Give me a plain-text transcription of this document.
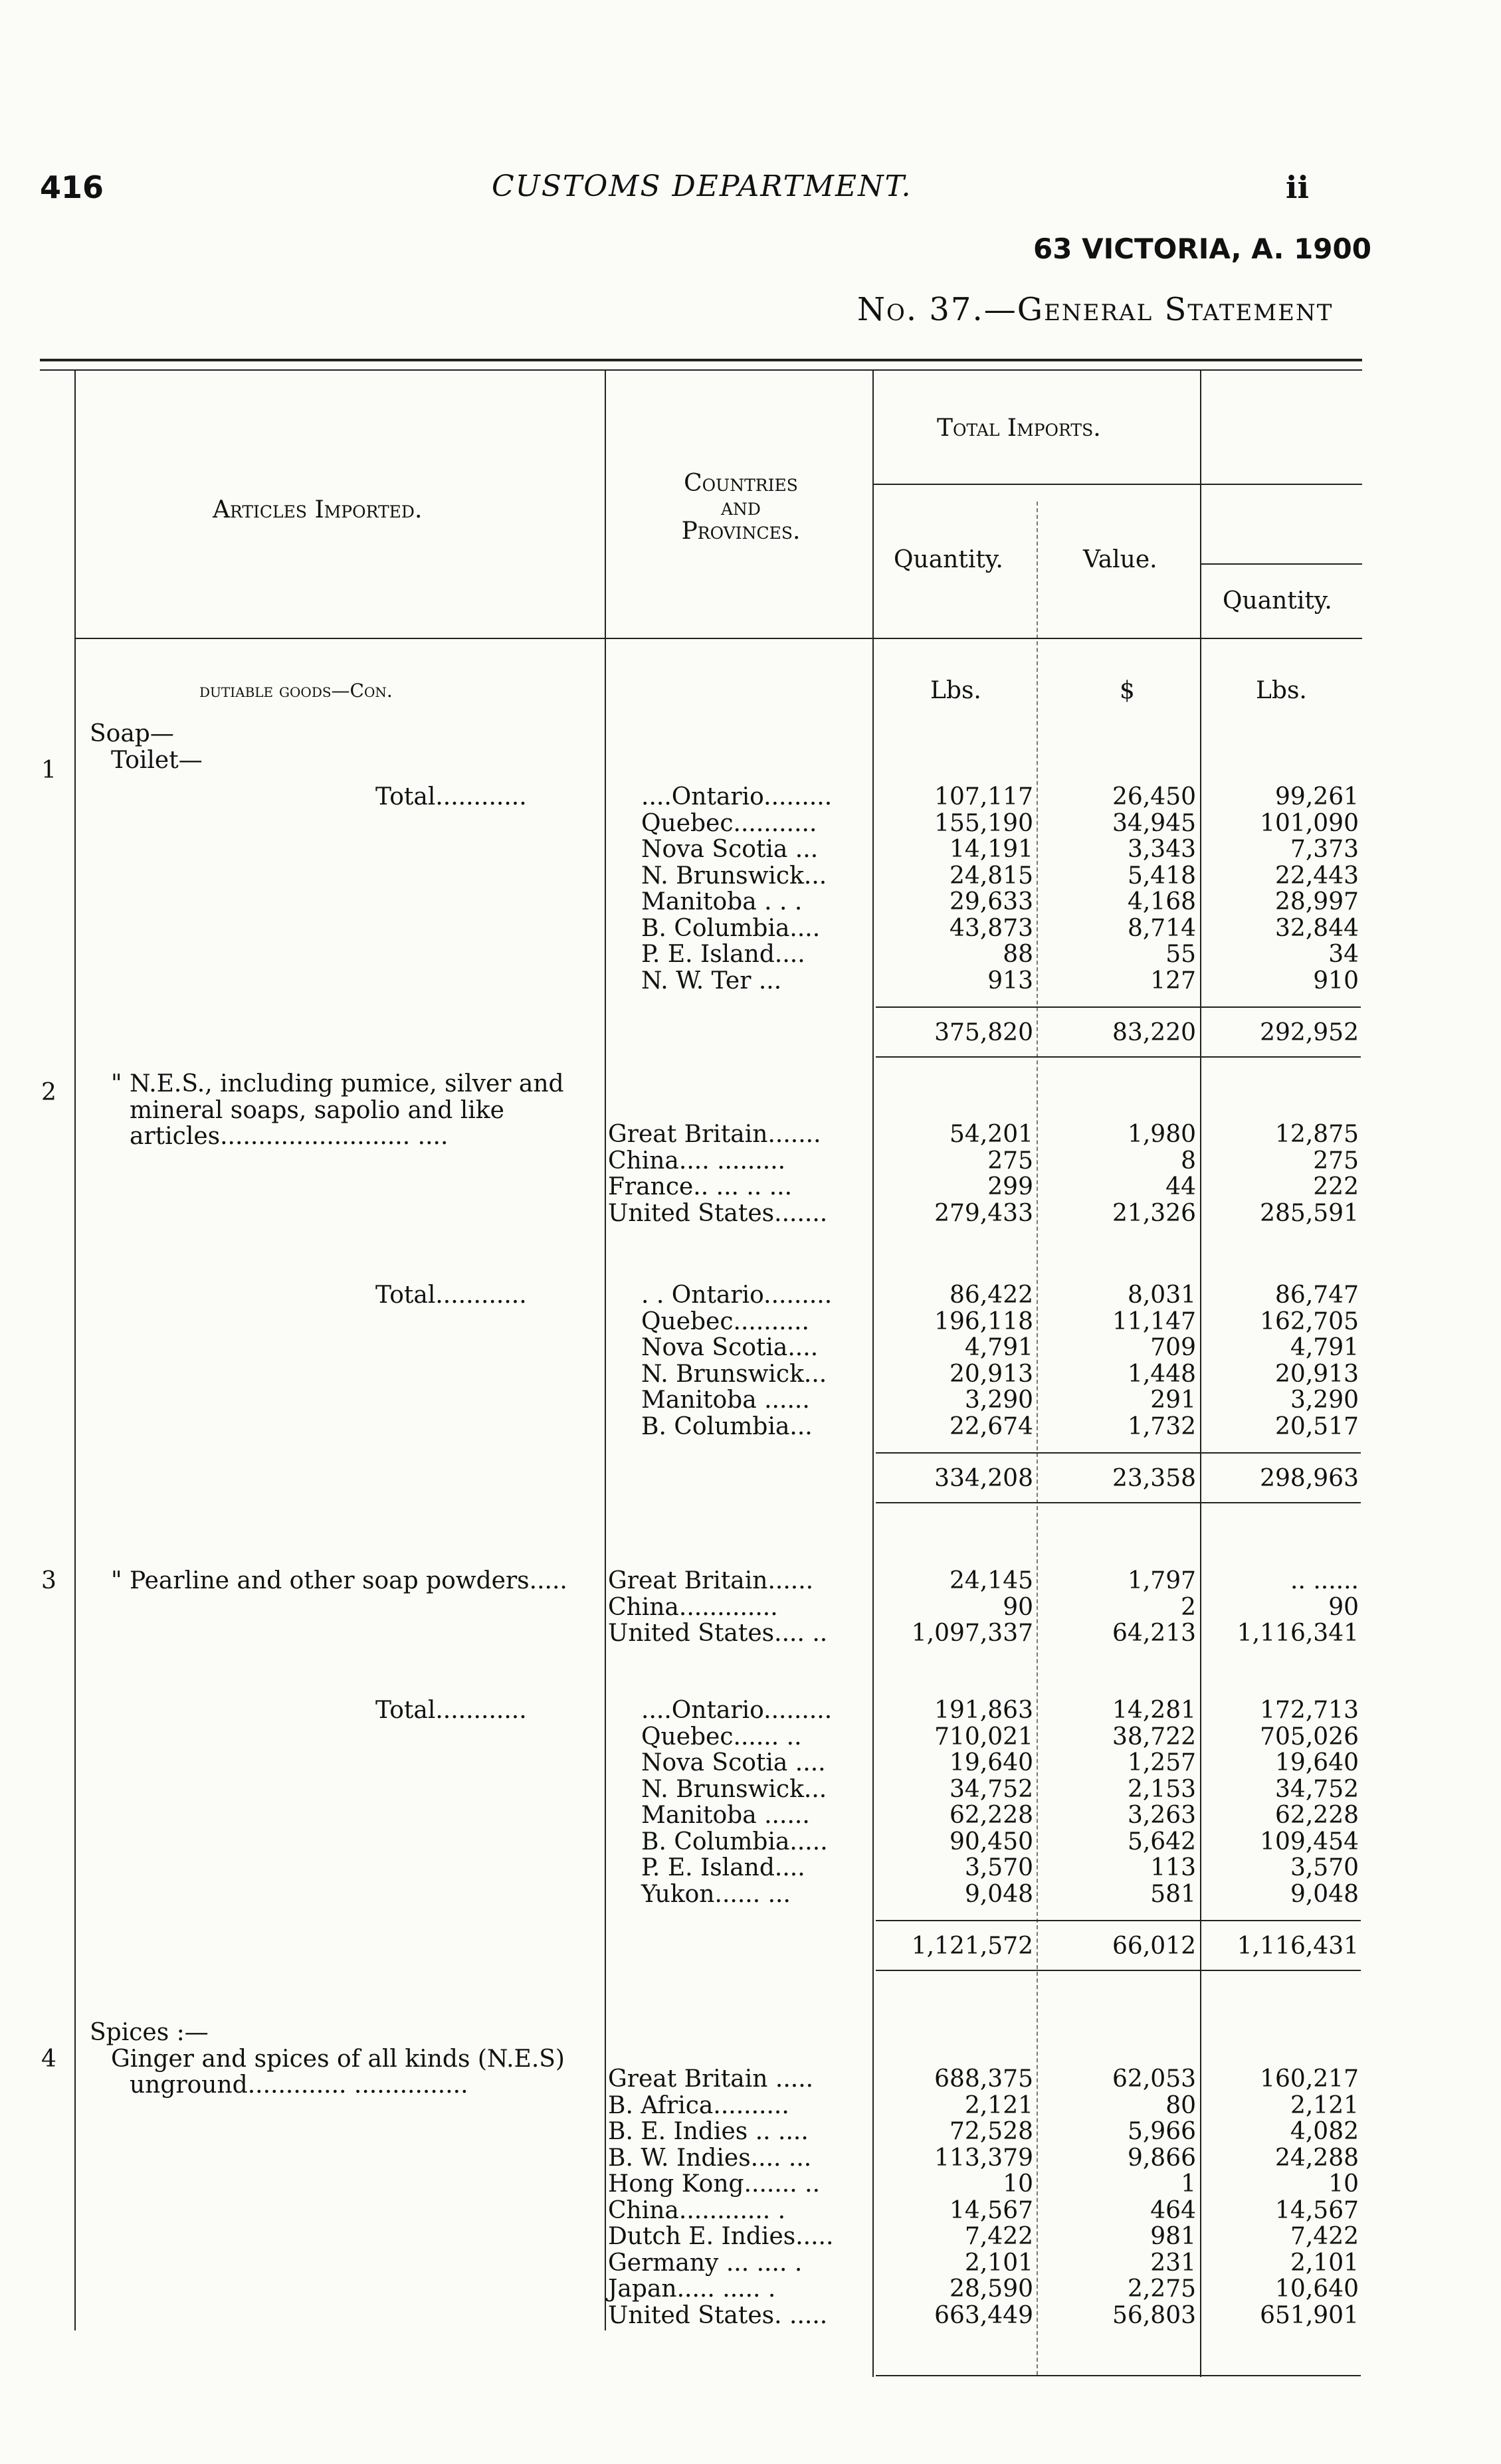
416	CUSTOMS DEPARTMENT.	ii
63 VICTORIA, A. 1900
No. 37.—General Statement
Articles Imported.
Countries and Provinces.
Total Imports.
Quantity.	Value.
Quantity.
dutiable goods—Con.	Lbs.	$	Lbs.
1
Soap—
Toilet—
Total............	....Ontario.........	107,117	26,450	99,261
Quebec...........	155,190	34,945	101,090
Nova Scotia ...	14,191	3,343	7,373
N. Brunswick...	24,815	5,418	22,443
Manitoba . . .	29,633	4,168	28,997
B. Columbia....	43,873	8,714	32,844
P. E. Island....	88	55	34
N. W. Ter ...	913	127	910
375,820	83,220	292,952
2 " N.E.S., including pumice, silver and
mineral soaps, sapolio and like
articles......................... ....	Great Britain.......	54,201	1,980	12,875
China.... .........	275	8	275
France.. ... .. ...	299	44	222
United States.......	279,433	21,326	285,591
Total............	. . Ontario.........	86,422	8,031	86,747
Quebec..........	196,118	11,147	162,705
Nova Scotia....	4,791	709	4,791
N. Brunswick...	20,913	1,448	20,913
Manitoba ......	3,290	291	3,290
B. Columbia...	22,674	1,732	20,517
334,208	23,358	298,963
3 " Pearline and other soap powders..... Great Britain......	24,145	1,797	.. ......
China.............	90	2	90
United States.... ..	1,097,337	64,213	1,116,341
Total............	....Ontario.........	191,863	14,281	172,713
Quebec...... ..	710,021	38,722	705,026
Nova Scotia ....	19,640	1,257	19,640
N. Brunswick...	34,752	2,153	34,752
Manitoba ......	62,228	3,263	62,228
B. Columbia.....	90,450	5,642	109,454
P. E. Island....	3,570	113	3,570
Yukon...... ...	9,048	581	9,048
1,121,572	66,012	1,116,431
4
Spices :—
Ginger and spices of all kinds (N.E.S)
unground............. ...............	Great Britain .....	688,375	62,053	160,217
B. Africa..........	2,121	80	2,121
B. E. Indies .. ....	72,528	5,966	4,082
B. W. Indies.... ...	113,379	9,866	24,288
Hong Kong....... ..	10	1	10
China............ .	14,567	464	14,567
Dutch E. Indies.....	7,422	981	7,422
Germany ... .... .	2,101	231	2,101
Japan..... ..... .	28,590	2,275	10,640
United States. .....	663,449	56,803	651,901
